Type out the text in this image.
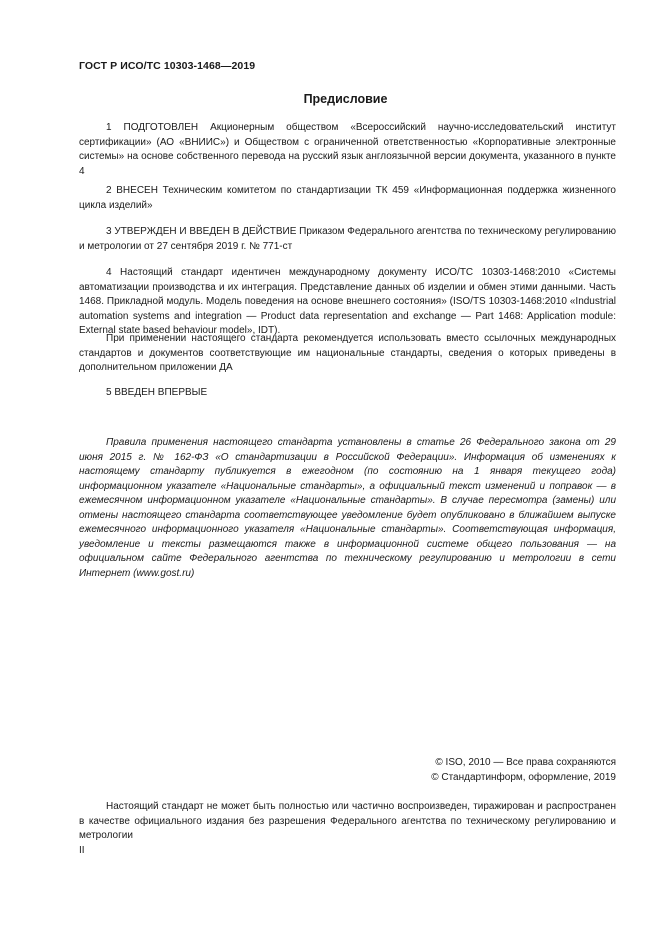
ГОСТ Р ИСО/ТС 10303-1468—2019
Предисловие

1 ПОДГОТОВЛЕН Акционерным обществом «Всероссийский научно-исследовательский институт сертификации» (АО «ВНИИС») и Обществом с ограниченной ответственностью «Корпоративные электронные системы» на основе собственного перевода на русский язык англоязычной версии документа, указанного в пункте 4

2 ВНЕСЕН Техническим комитетом по стандартизации ТК 459 «Информационная поддержка жизненного цикла изделий»

3 УТВЕРЖДЕН И ВВЕДЕН В ДЕЙСТВИЕ Приказом Федерального агентства по техническому регулированию и метрологии от 27 сентября 2019 г. № 771-ст

4 Настоящий стандарт идентичен международному документу ИСО/ТС 10303-1468:2010 «Системы автоматизации производства и их интеграция. Представление данных об изделии и обмен этими данными. Часть 1468. Прикладной модуль. Модель поведения на основе внешнего состояния» (ISO/TS 10303-1468:2010 «Industrial automation systems and integration — Product data representation and exchange — Part 1468: Application module: External state based behaviour model», IDT).

При применении настоящего стандарта рекомендуется использовать вместо ссылочных международных стандартов и документов соответствующие им национальные стандарты, сведения о которых приведены в дополнительном приложении ДА

5 ВВЕДЕН ВПЕРВЫЕ

Правила применения настоящего стандарта установлены в статье 26 Федерального закона от 29 июня 2015 г. № 162-ФЗ «О стандартизации в Российской Федерации». Информация об изменениях к настоящему стандарту публикуется в ежегодном (по состоянию на 1 января текущего года) информационном указателе «Национальные стандарты», а официальный текст изменений и поправок — в ежемесячном информационном указателе «Национальные стандарты». В случае пересмотра (замены) или отмены настоящего стандарта соответствующее уведомление будет опубликовано в ближайшем выпуске ежемесячного информационного указателя «Национальные стандарты». Соответствующая информация, уведомление и тексты размещаются также в информационной системе общего пользования — на официальном сайте Федерального агентства по техническому регулированию и метрологии в сети Интернет (www.gost.ru)

© ISO, 2010 — Все права сохраняются
© Стандартинформ, оформление, 2019

Настоящий стандарт не может быть полностью или частично воспроизведен, тиражирован и распространен в качестве официального издания без разрешения Федерального агентства по техническому регулированию и метрологии

II
